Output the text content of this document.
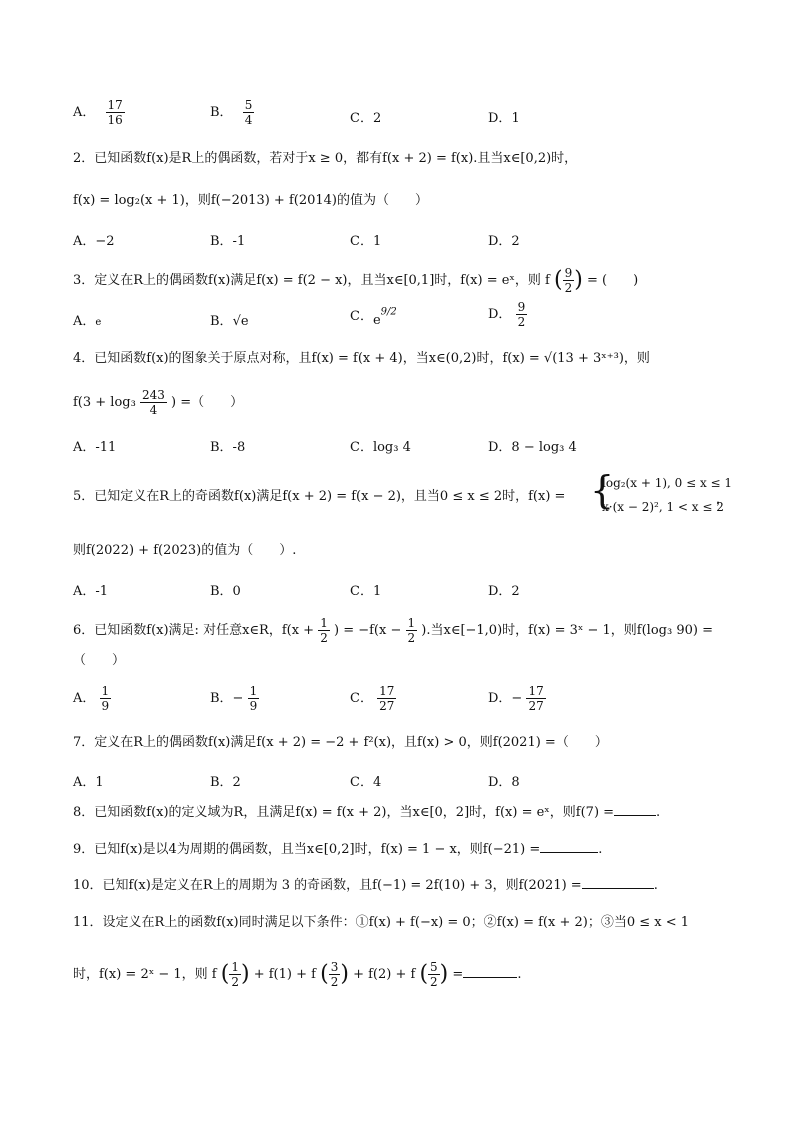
A． $\frac{17}{16}$	B． $\frac{5}{4}$	C．2	D．1
2．已知函数f(x)是R上的偶函数，若对于x ≥ 0，都有f(x + 2) = f(x).且当x∈[0,2)时，
f(x) = log₂(x + 1)，则f(−2013) + f(2014)的值为（　　）
A．−2	B．-1	C．1	D．2
3．定义在R上的偶函数f(x)满足f(x) = f(2 − x)，且当x∈[0,1]时，f(x) = eˣ，则 f ( $\frac{9}{2}$ ) = (　　)
A．e	B．√e	C．$e^{9/2}$	D． $\frac{9}{2}$
4．已知函数f(x)的图象关于原点对称，且f(x) = f(x + 4)，当x∈(0,2)时，f(x) = √(13 + 3ˣ⁺³)，则
$f(3 + \log_3 \frac{243}{4}$ ) =（　　）
A．-11	B．-8	C．log₃ 4	D．8 − log₃ 4
5．已知定义在R上的奇函数f(x)满足f(x + 2) = f(x − 2)，且当0 ≤ x ≤ 2时，f(x) = {
log₂(x + 1), 0 ≤ x ≤ 1
x·(x − 2)², 1 < x ≤ 2
，
则f(2022) + f(2023)的值为（　　）.
A．-1	B．0	C．1	D．2
6．已知函数f(x)满足: 对任意x∈R，$f(x + \frac{1}{2}$ ) = $-f(x - \frac{1}{2}$ ).当x∈[−1,0)时，f(x) = 3ˣ − 1，则f(log₃ 90) =
（　　）
A． $\frac{1}{9}$	B．− $\frac{1}{9}$	C． $\frac{17}{27}$	D．− $\frac{17}{27}$
7．定义在R上的偶函数f(x)满足f(x + 2) = −2 + f²(x)，且f(x) > 0，则f(2021) =（　　）
A．1	B．2	C．4	D．8
8．已知函数f(x)的定义域为R，且满足f(x) = f(x + 2)，当x∈[0，2]时，f(x) = eˣ，则f(7) =	.
9．已知f(x)是以4为周期的偶函数，且当x∈[0,2]时，f(x) = 1 − x，则f(−21) =	.
10．已知f(x)是定义在R上的周期为 3 的奇函数，且f(−1) = 2f(10) + 3，则f(2021) =	.
11．设定义在R上的函数f(x)同时满足以下条件：①f(x) + f(−x) = 0；②f(x) = f(x + 2)；③当0 ≤ x < 1
时，f(x) = 2ˣ − 1，则 f ( $\frac{1}{2}$ ) + f(1) + f ( $\frac{3}{2}$ ) + f(2) + f ( $\frac{5}{2}$ ) =	.
